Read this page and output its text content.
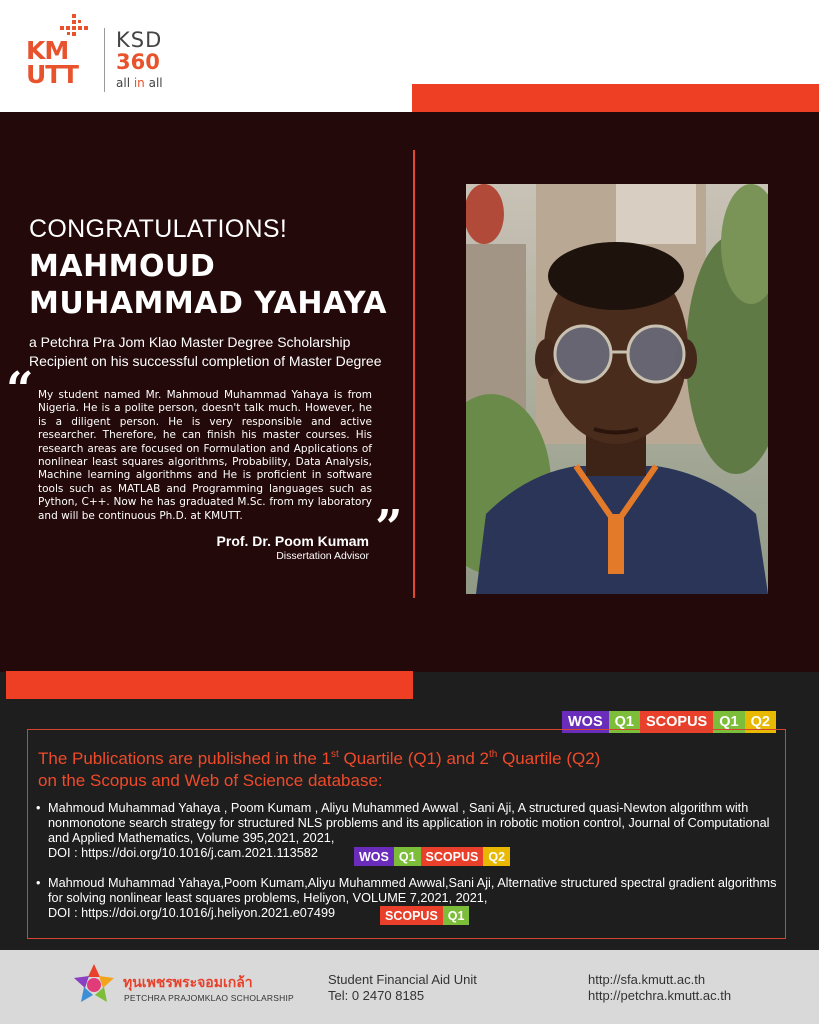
KM
UTT
KSD
360
all in all
CONGRATULATIONS!
MAHMOUD
MUHAMMAD YAHAYA
a Petchra Pra Jom Klao Master Degree Scholarship
Recipient on his successful completion of Master Degree
“ My student named Mr. Mahmoud Muhammad Yahaya is from Nigeria. He is a polite person, doesn't talk much. However, he is a diligent person. He is very responsible and active researcher. Therefore, he can finish his master courses. His research areas are focused on Formulation and Applications of nonlinear least squares algorithms, Probability, Data Analysis, Machine learning algorithms and He is proficient in software tools such as MATLAB and Programming languages such as Python, C++. Now he has graduated M.Sc. from my laboratory and will be continuous Ph.D. at KMUTT.	”
Prof. Dr. Poom Kumam
Dissertation Advisor
WOS Q1 SCOPUS Q1 Q2
The Publications are published in the 1st Quartile (Q1) and 2th Quartile (Q2)
on the Scopus and Web of Science database:
• Mahmoud Muhammad Yahaya , Poom Kumam , Aliyu Muhammed Awwal , Sani Aji, A structured quasi-Newton algorithm with nonmonotone search strategy for structured NLS problems and its application in robotic motion control, Journal of Computational and Applied Mathematics, Volume 395,2021, 2021,
DOI : https://doi.org/10.1016/j.cam.2021.113582	WOS Q1 SCOPUS Q2
• Mahmoud Muhammad Yahaya,Poom Kumam,Aliyu Muhammed Awwal,Sani Aji, Alternative structured spectral gradient algorithms for solving nonlinear least squares problems, Heliyon, VOLUME 7,2021, 2021,
DOI : https://doi.org/10.1016/j.heliyon.2021.e07499	SCOPUS Q1
ทุนเพชรพระจอมเกล้า
PETCHRA PRAJOMKLAO SCHOLARSHIP
Student Financial Aid Unit
Tel: 0 2470 8185
http://sfa.kmutt.ac.th
http://petchra.kmutt.ac.th
